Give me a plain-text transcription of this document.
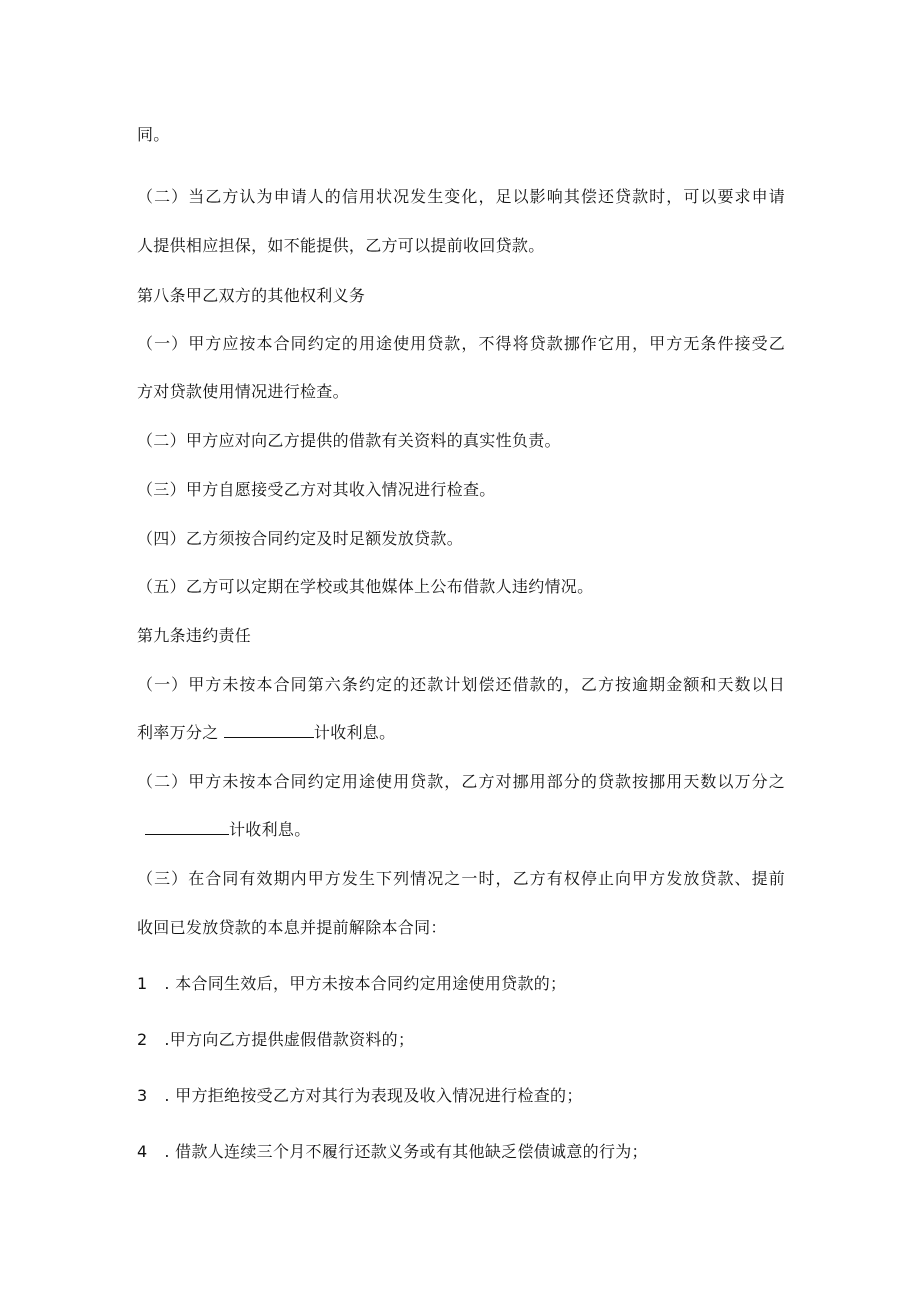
同。
（二）当乙方认为申请人的信用状况发生变化，足以影响其偿还贷款时，可以要求申请
人提供相应担保，如不能提供，乙方可以提前收回贷款。
第八条甲乙双方的其他权利义务
（一）甲方应按本合同约定的用途使用贷款，不得将贷款挪作它用，甲方无条件接受乙
方对贷款使用情况进行检查。
（二）甲方应对向乙方提供的借款有关资料的真实性负责。
（三）甲方自愿接受乙方对其收入情况进行检查。
（四）乙方须按合同约定及时足额发放贷款。
（五）乙方可以定期在学校或其他媒体上公布借款人违约情况。
第九条违约责任
（一）甲方未按本合同第六条约定的还款计划偿还借款的，乙方按逾期金额和天数以日
利率万分之	计收利息。
（二）甲方未按本合同约定用途使用贷款，乙方对挪用部分的贷款按挪用天数以万分之
计收利息。
（三）在合同有效期内甲方发生下列情况之一时，乙方有权停止向甲方发放贷款、提前
收回已发放贷款的本息并提前解除本合同：
1 . 本合同生效后，甲方未按本合同约定用途使用贷款的；
2 .甲方向乙方提供虚假借款资料的；
3 . 甲方拒绝按受乙方对其行为表现及收入情况进行检查的；
4 . 借款人连续三个月不履行还款义务或有其他缺乏偿债诚意的行为；
